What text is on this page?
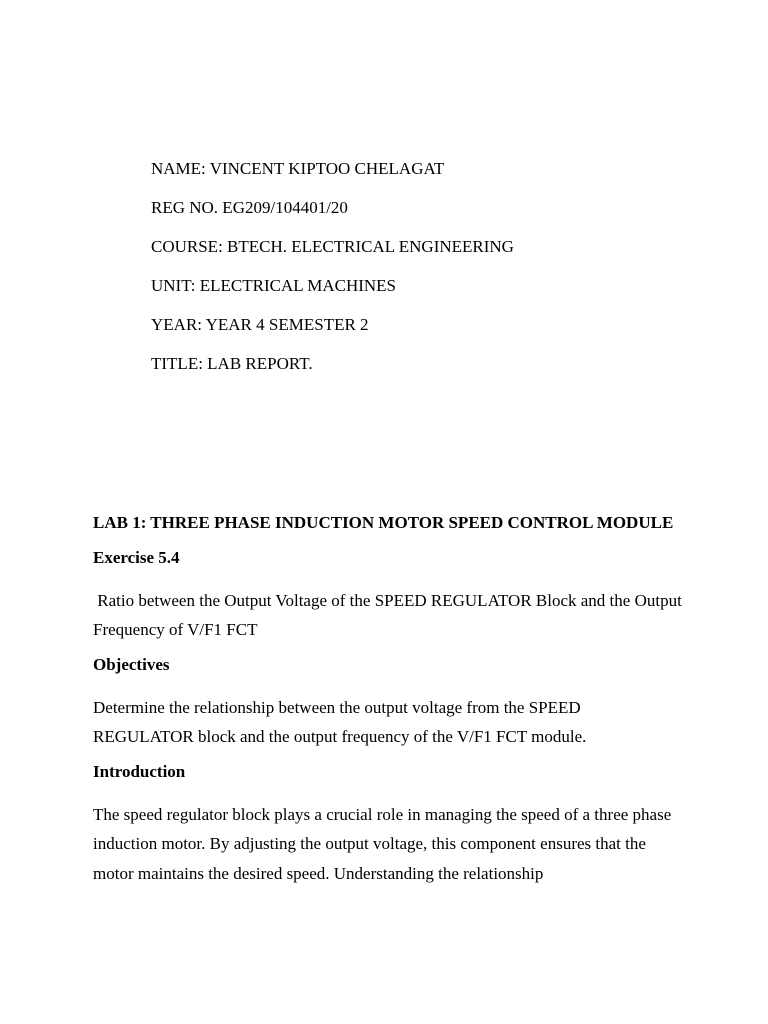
NAME: VINCENT KIPTOO CHELAGAT
REG NO. EG209/104401/20
COURSE: BTECH. ELECTRICAL ENGINEERING
UNIT: ELECTRICAL MACHINES
YEAR: YEAR 4 SEMESTER 2
TITLE: LAB REPORT.
LAB 1: THREE PHASE INDUCTION MOTOR SPEED CONTROL MODULE
Exercise 5.4
Ratio between the Output Voltage of the SPEED REGULATOR Block and the Output Frequency of V/F1 FCT
Objectives
Determine the relationship between the output voltage from the SPEED REGULATOR block and the output frequency of the V/F1 FCT module.
Introduction
The speed regulator block plays a crucial role in managing the speed of a three phase induction motor. By adjusting the output voltage, this component ensures that the motor maintains the desired speed. Understanding the relationship
